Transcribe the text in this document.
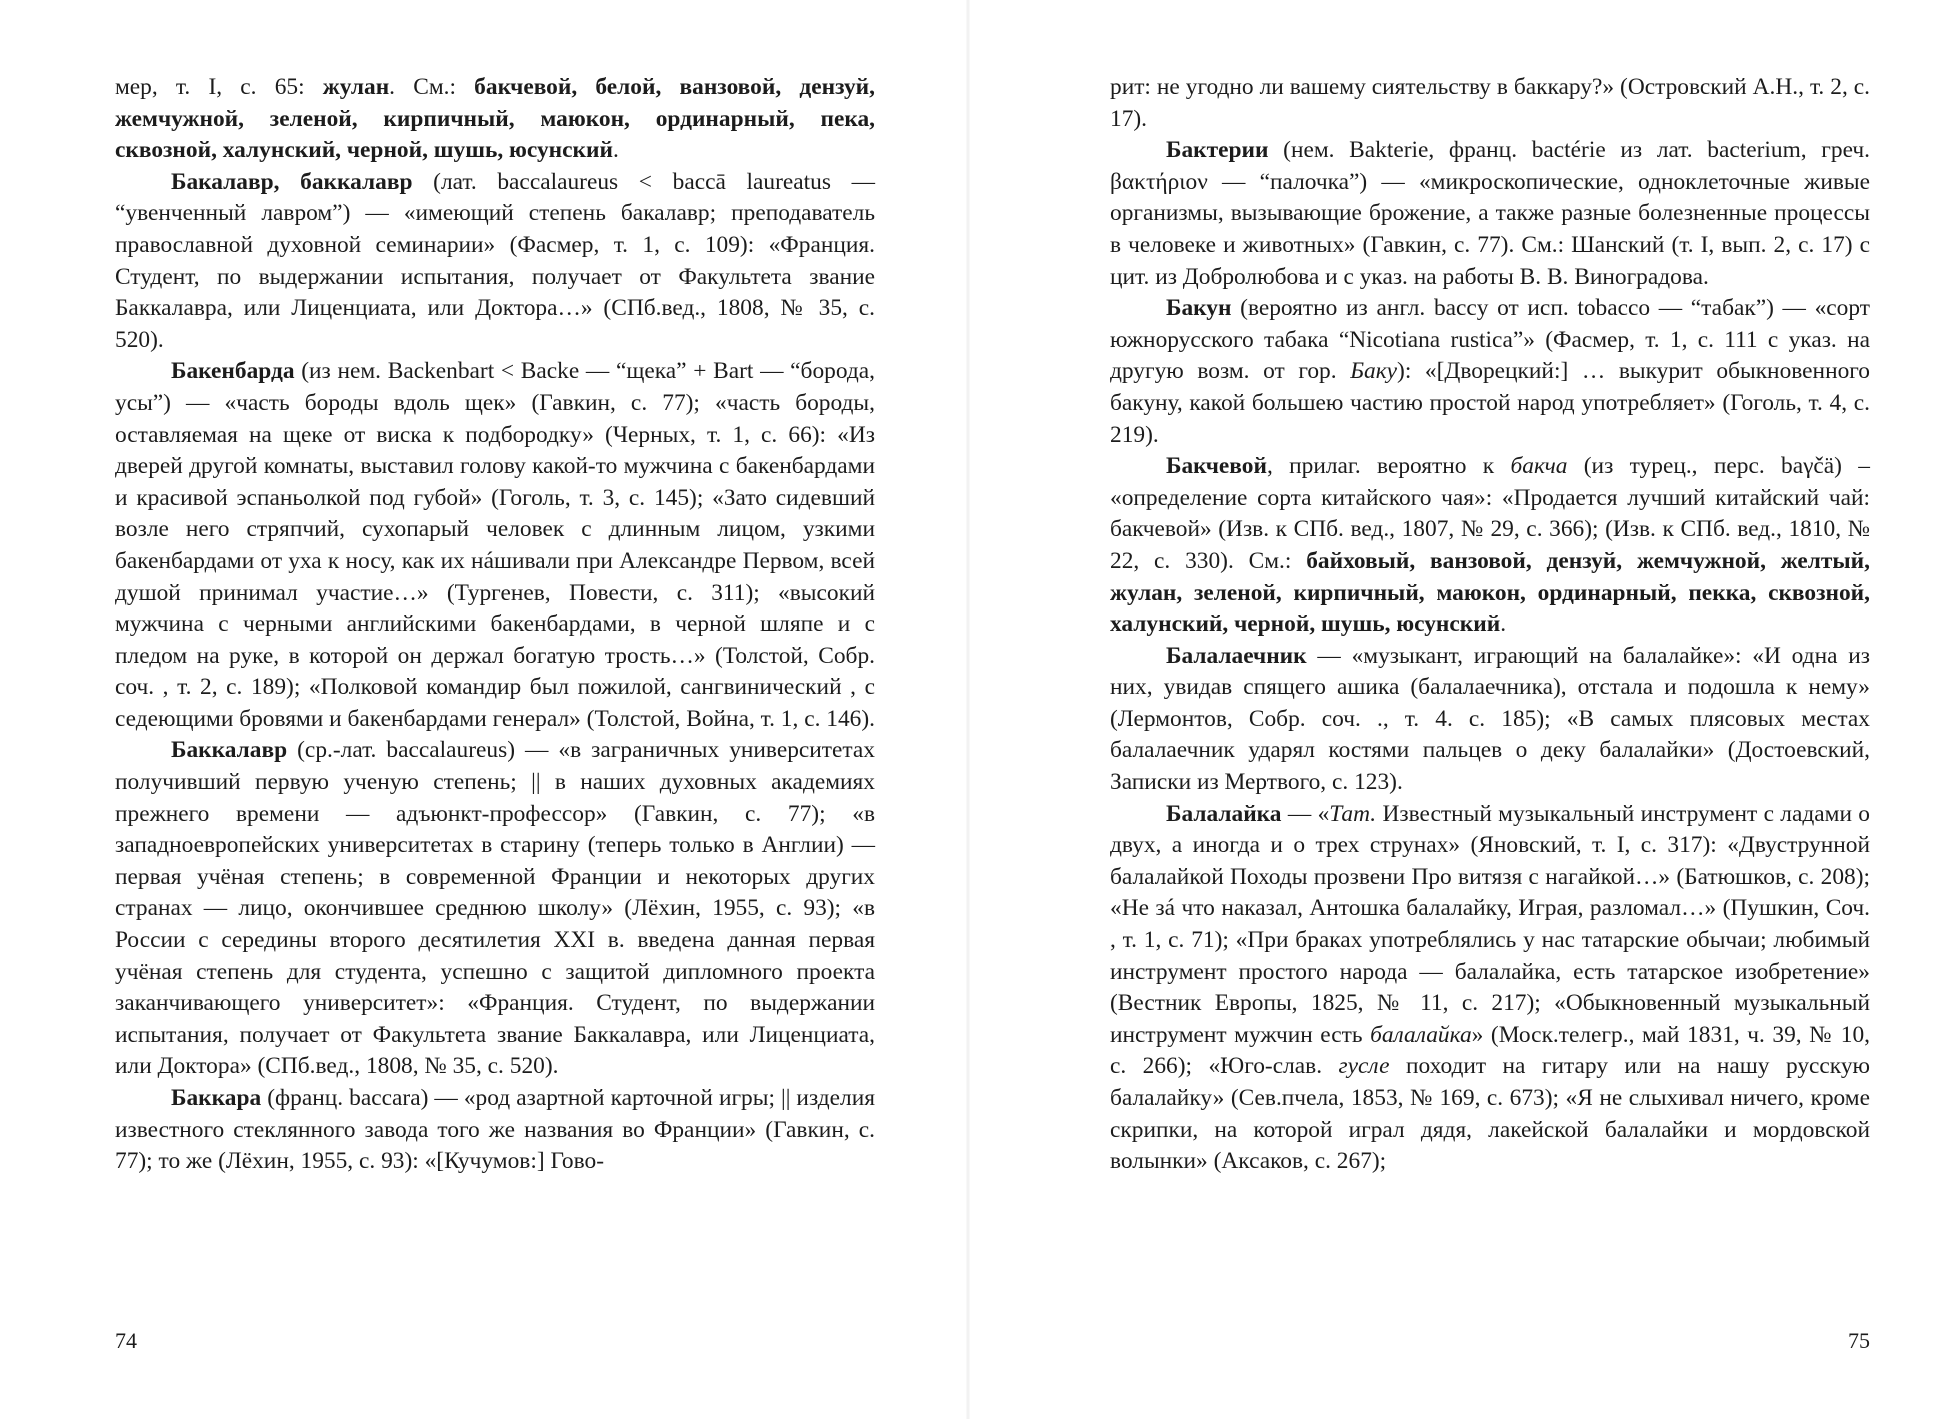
мер, т. I, с. 65: жулан. См.: бакчевой, белой, ванзовой, дензуй, жемчужной, зеленой, кирпичный, маюкон, ординарный, пека, сквозной, халунский, черной, шушь, юсунский.

Бакалавр, баккалавр (лат. baccalaureus < baccā laureatus — “увенченный лавром”) — «имеющий степень бакалавр; преподаватель православной духовной семинарии» (Фасмер, т. 1, с. 109): «Франция. Студент, по выдержании испытания, получает от Факультета звание Баккалавра, или Лиценциата, или Доктора…» (СПб.вед., 1808, № 35, с. 520).

Бакенбарда (из нем. Backenbart < Backe — “щека” + Bart — “борода, усы”) — «часть бороды вдоль щек» (Гавкин, с. 77); «часть бороды, оставляемая на щеке от виска к подбородку» (Черных, т. 1, с. 66): «Из дверей другой комнаты, выставил голову какой-то мужчина с бакенбардами и красивой эспаньолкой под губой» (Гоголь, т. 3, с. 145); «Зато сидевший возле него стряпчий, сухопарый человек с длинным лицом, узкими бакенбардами от уха к носу, как их нáшивали при Александре Первом, всей душой принимал участие…» (Тургенев, Повести, с. 311); «высокий мужчина с черными английскими бакенбардами, в черной шляпе и с пледом на руке, в которой он держал богатую трость…» (Толстой, Собр. соч. , т. 2, с. 189); «Полковой командир был пожилой, сангвинический , с седеющими бровями и бакенбардами генерал» (Толстой, Война, т. 1, с. 146).

Баккалавр (ср.-лат. baccalaureus) — «в заграничных университетах получивший первую ученую степень; || в наших духовных академиях прежнего времени — адъюнкт-профессор» (Гавкин, с. 77); «в западноевропейских университетах в старину (теперь только в Англии) — первая учёная степень; в современной Франции и некоторых других странах — лицо, окончившее среднюю школу» (Лёхин, 1955, с. 93); «в России с середины второго десятилетия XXI в. введена данная первая учёная степень для студента, успешно с защитой дипломного проекта заканчивающего университет»: «Франция. Студент, по выдержании испытания, получает от Факультета звание Баккалавра, или Лиценциата, или Доктора» (СПб.вед., 1808, № 35, с. 520).

Баккара (франц. baccara) — «род азартной карточной игры; || изделия известного стеклянного завода того же названия во Франции» (Гавкин, с. 77); то же (Лёхин, 1955, с. 93): «[Кучумов:] Гово-

74

рит: не угодно ли вашему сиятельству в баккару?» (Островский А.Н., т. 2, с. 17).

Бактерии (нем. Bakterie, франц. bactérie из лат. bacterium, греч. βακτήριον — “палочка”) — «микроскопические, одноклеточные живые организмы, вызывающие брожение, а также разные болезненные процессы в человеке и животных» (Гавкин, с. 77). См.: Шанский (т. I, вып. 2, с. 17) с цит. из Добролюбова и с указ. на работы В. В. Виноградова.

Бакун (вероятно из англ. baccy от исп. tobacco — “табак”) — «сорт южнорусского табака “Nicotiana rustica”» (Фасмер, т. 1, с. 111 с указ. на другую возм. от гор. Баку): «[Дворецкий:] … выкурит обыкновенного бакуну, какой большею частию простой народ употребляет» (Гоголь, т. 4, с. 219).

Бакчевой, прилаг. вероятно к бакча (из турец., перс. baγčä) – «определение сорта китайского чая»: «Продается лучший китайский чай: бакчевой» (Изв. к СПб. вед., 1807, № 29, с. 366); (Изв. к СПб. вед., 1810, № 22, с. 330). См.: байховый, ванзовой, дензуй, жемчужной, желтый, жулан, зеленой, кирпичный, маюкон, ординарный, пекка, сквозной, халунский, черной, шушь, юсунский.

Балалаечник — «музыкант, играющий на балалайке»: «И одна из них, увидав спящего ашика (балалаечника), отстала и подошла к нему» (Лермонтов, Собр. соч. ., т. 4. с. 185); «В самых плясовых местах балалаечник ударял костями пальцев о деку балалайки» (Достоевский, Записки из Мертвого, с. 123).

Балалайка — «Тат. Известный музыкальный инструмент с ладами о двух, а иногда и о трех струнах» (Яновский, т. I, с. 317): «Двуструнной балалайкой Походы прозвени Про витязя с нагайкой…» (Батюшков, с. 208); «Не зá что наказал, Антошка балалайку, Играя, разломал…» (Пушкин, Соч. , т. 1, с. 71); «При браках употреблялись у нас татарские обычаи; любимый инструмент простого народа — балалайка, есть татарское изобретение» (Вестник Европы, 1825, № 11, с. 217); «Обыкновенный музыкальный инструмент мужчин есть балалайка» (Моск.телегр., май 1831, ч. 39, № 10, с. 266); «Юго-слав. гусле походит на гитару или на нашу русскую балалайку» (Сев.пчела, 1853, № 169, с. 673); «Я не слыхивал ничего, кроме скрипки, на которой играл дядя, лакейской балалайки и мордовской волынки» (Аксаков, с. 267);

75
